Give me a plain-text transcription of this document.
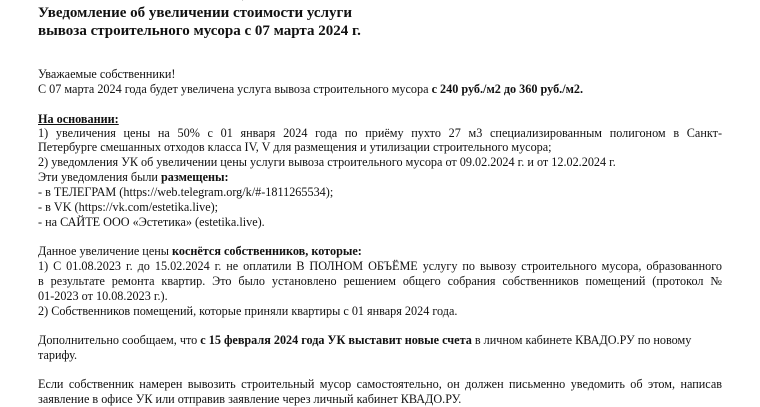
Уведомление об увеличении стоимости услуги
вывоза строительного мусора с 07 марта 2024 г.
Уважаемые собственники!
С 07 марта 2024 года будет увеличена услуга вывоза строительного мусора с 240 руб./м2 до 360 руб./м2.
На основании:
1) увеличения цены на 50% с 01 января 2024 года по приёму пухто 27 м3 специализированным полигоном в Санкт-
Петербурге смешанных отходов класса IV, V для размещения и утилизации строительного мусора;
2) уведомления УК об увеличении цены услуги вывоза строительного мусора от 09.02.2024 г. и от 12.02.2024 г.
Эти уведомления были размещены:
- в ТЕЛЕГРАМ (https://web.telegram.org/k/#-1811265534);
- в VK (https://vk.com/estetika.live);
- на САЙТЕ ООО «Эстетика» (estetika.live).
Данное увеличение цены коснётся собственников, которые:
1) С 01.08.2023 г. до 15.02.2024 г. не оплатили В ПОЛНОМ ОБЪЁМЕ услугу по вывозу строительного мусора, образованного
в результате ремонта квартир. Это было установлено решением общего собрания собственников помещений (протокол №
01-2023 от 10.08.2023 г.).
2) Собственников помещений, которые приняли квартиры с 01 января 2024 года.
Дополнительно сообщаем, что с 15 февраля 2024 года УК выставит новые счета в личном кабинете КВАДО.РУ по новому
тарифу.
Если собственник намерен вывозить строительный мусор самостоятельно, он должен письменно уведомить об этом, написав
заявление в офисе УК или отправив заявление через личный кабинет КВАДО.РУ.
